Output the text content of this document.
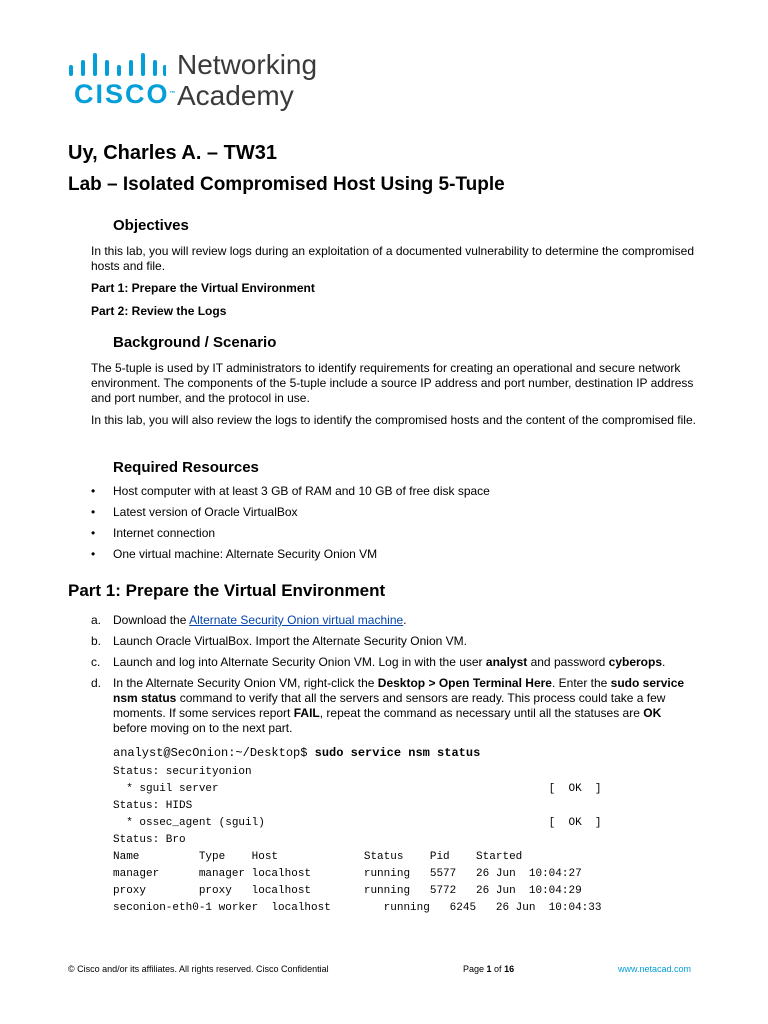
CISCO™
Networking
Academy
Uy, Charles A. – TW31
Lab – Isolated Compromised Host Using 5-Tuple
Objectives
In this lab, you will review logs during an exploitation of a documented vulnerability to determine the compromised hosts and file.
Part 1: Prepare the Virtual Environment
Part 2: Review the Logs
Background / Scenario
The 5-tuple is used by IT administrators to identify requirements for creating an operational and secure network environment. The components of the 5-tuple include a source IP address and port number, destination IP address and port number, and the protocol in use.
In this lab, you will also review the logs to identify the compromised hosts and the content of the compromised file.
Required Resources
• Host computer with at least 3 GB of RAM and 10 GB of free disk space
• Latest version of Oracle VirtualBox
• Internet connection
• One virtual machine: Alternate Security Onion VM
Part 1: Prepare the Virtual Environment
a. Download the Alternate Security Onion virtual machine.
b. Launch Oracle VirtualBox. Import the Alternate Security Onion VM.
c. Launch and log into Alternate Security Onion VM. Log in with the user analyst and password cyberops.
d. In the Alternate Security Onion VM, right-click the Desktop > Open Terminal Here. Enter the sudo service nsm status command to verify that all the servers and sensors are ready. This process could take a few moments. If some services report FAIL, repeat the command as necessary until all the statuses are OK before moving on to the next part.
analyst@SecOnion:~/Desktop$ sudo service nsm status
Status: securityonion
* sguil server                                                  [  OK  ]
Status: HIDS
* ossec_agent (sguil)                                           [  OK  ]
Status: Bro
Name         Type    Host             Status    Pid    Started
manager      manager localhost        running   5577   26 Jun  10:04:27
proxy        proxy   localhost        running   5772   26 Jun  10:04:29
seconion-eth0-1 worker  localhost        running   6245   26 Jun  10:04:33
© Cisco and/or its affiliates. All rights reserved. Cisco Confidential	Page 1 of 16	www.netacad.com
